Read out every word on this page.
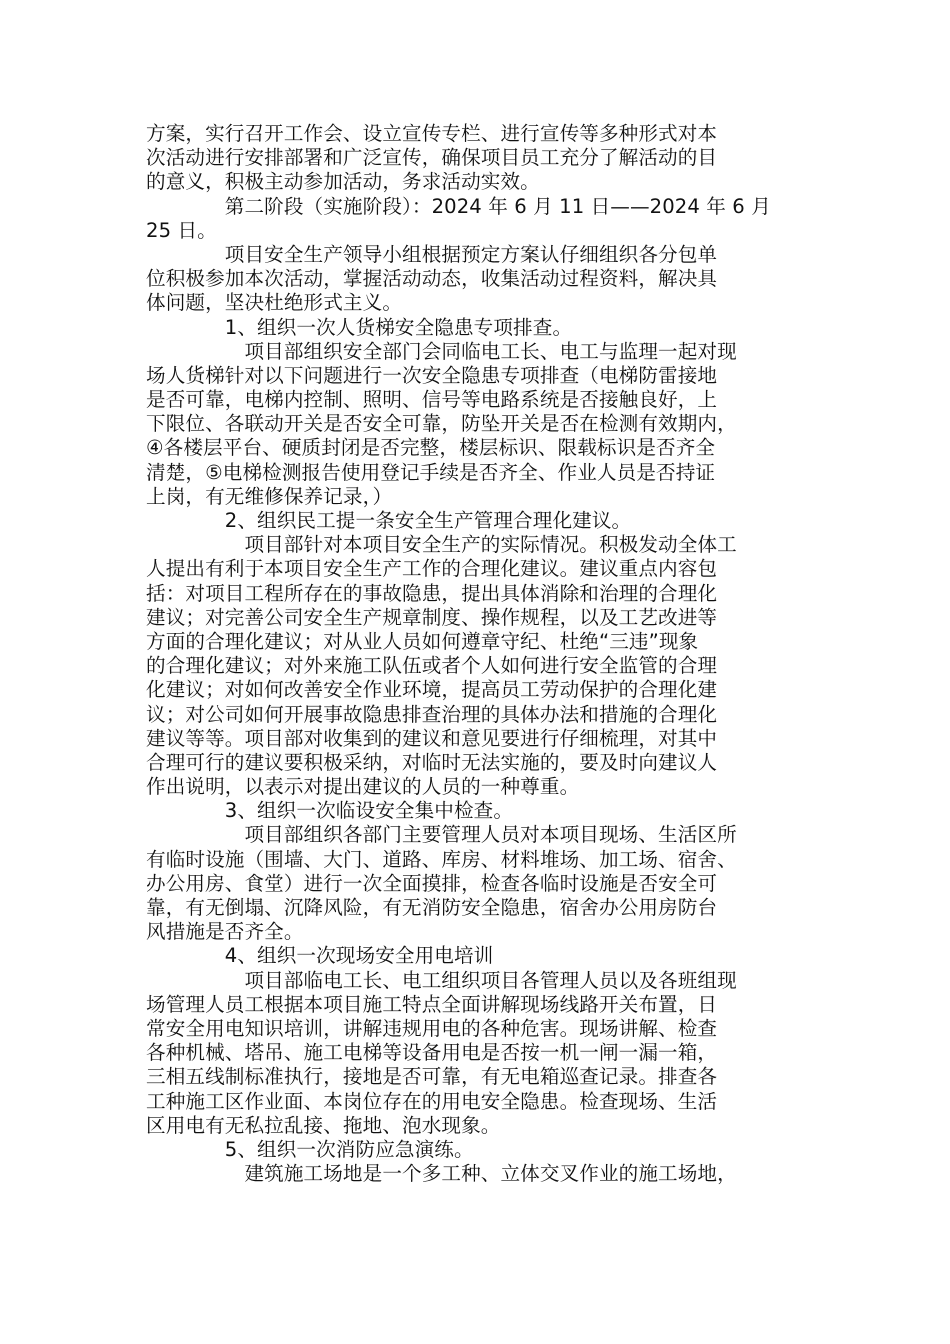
方案，实行召开工作会、设立宣传专栏、进行宣传等多种形式对本
次活动进行安排部署和广泛宣传，确保项目员工充分了解活动的目
的意义，积极主动参加活动，务求活动实效。
　　　　第二阶段（实施阶段）：2024 年 6 月 11 日——2024 年 6 月
25 日。
　　　　项目安全生产领导小组根据预定方案认仔细组织各分包单
位积极参加本次活动，掌握活动动态，收集活动过程资料，解决具
体问题，坚决杜绝形式主义。
　　　　1、组织一次人货梯安全隐患专项排查。
　　　　　项目部组织安全部门会同临电工长、电工与监理一起对现
场人货梯针对以下问题进行一次安全隐患专项排查（电梯防雷接地
是否可靠，电梯内控制、照明、信号等电路系统是否接触良好，上
下限位、各联动开关是否安全可靠，防坠开关是否在检测有效期内，
④各楼层平台、硬质封闭是否完整，楼层标识、限载标识是否齐全
清楚，⑤电梯检测报告使用登记手续是否齐全、作业人员是否持证
上岗，有无维修保养记录，）
　　　　2、组织民工提一条安全生产管理合理化建议。
　　　　　项目部针对本项目安全生产的实际情况。积极发动全体工
人提出有利于本项目安全生产工作的合理化建议。建议重点内容包
括：对项目工程所存在的事故隐患，提出具体消除和治理的合理化
建议；对完善公司安全生产规章制度、操作规程，以及工艺改进等
方面的合理化建议；对从业人员如何遵章守纪、杜绝“三违”现象
的合理化建议；对外来施工队伍或者个人如何进行安全监管的合理
化建议；对如何改善安全作业环境，提高员工劳动保护的合理化建
议；对公司如何开展事故隐患排查治理的具体办法和措施的合理化
建议等等。项目部对收集到的建议和意见要进行仔细梳理，对其中
合理可行的建议要积极采纳，对临时无法实施的，要及时向建议人
作出说明，以表示对提出建议的人员的一种尊重。
　　　　3、组织一次临设安全集中检查。
　　　　　项目部组织各部门主要管理人员对本项目现场、生活区所
有临时设施（围墙、大门、道路、库房、材料堆场、加工场、宿舍、
办公用房、食堂）进行一次全面摸排，检查各临时设施是否安全可
靠，有无倒塌、沉降风险，有无消防安全隐患，宿舍办公用房防台
风措施是否齐全。
　　　　4、组织一次现场安全用电培训
　　　　　项目部临电工长、电工组织项目各管理人员以及各班组现
场管理人员工根据本项目施工特点全面讲解现场线路开关布置，日
常安全用电知识培训，讲解违规用电的各种危害。现场讲解、检查
各种机械、塔吊、施工电梯等设备用电是否按一机一闸一漏一箱，
三相五线制标准执行，接地是否可靠，有无电箱巡查记录。排查各
工种施工区作业面、本岗位存在的用电安全隐患。检查现场、生活
区用电有无私拉乱接、拖地、泡水现象。
　　　　5、组织一次消防应急演练。
　　　　　建筑施工场地是一个多工种、立体交叉作业的施工场地，
